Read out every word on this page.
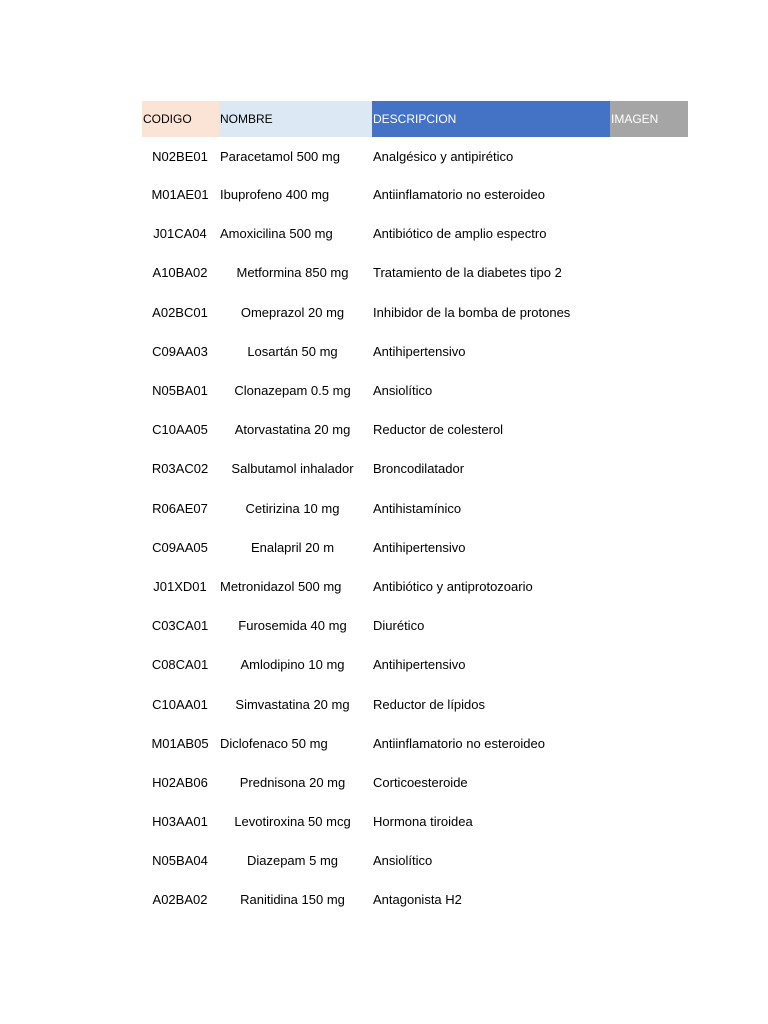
CODIGO NOMBRE	DESCRIPCION	IMAGEN
N02BE01 Paracetamol 500 mg	Analgésico y antipirético
M01AE01 Ibuprofeno 400 mg	Antiinflamatorio no esteroideo
J01CA04	Amoxicilina 500 mg	Antibiótico de amplio espectro
A10BA02	Metformina 850 mg	Tratamiento de la diabetes tipo 2
A02BC01	Omeprazol 20 mg	Inhibidor de la bomba de protones
C09AA03	Losartán 50 mg	Antihipertensivo
N05BA01	Clonazepam 0.5 mg	Ansiolítico
C10AA05	Atorvastatina 20 mg	Reductor de colesterol
R03AC02	Salbutamol inhalador	Broncodilatador
R06AE07	Cetirizina 10 mg	Antihistamínico
C09AA05	Enalapril 20 m	Antihipertensivo
J01XD01	Metronidazol 500 mg	Antibiótico y antiprotozoario
C03CA01	Furosemida 40 mg	Diurético
C08CA01	Amlodipino 10 mg	Antihipertensivo
C10AA01	Simvastatina 20 mg	Reductor de lípidos
M01AB05 Diclofenaco 50 mg	Antiinflamatorio no esteroideo
H02AB06	Prednisona 20 mg	Corticoesteroide
H03AA01	Levotiroxina 50 mcg	Hormona tiroidea
N05BA04	Diazepam 5 mg	Ansiolítico
A02BA02	Ranitidina 150 mg	Antagonista H2
